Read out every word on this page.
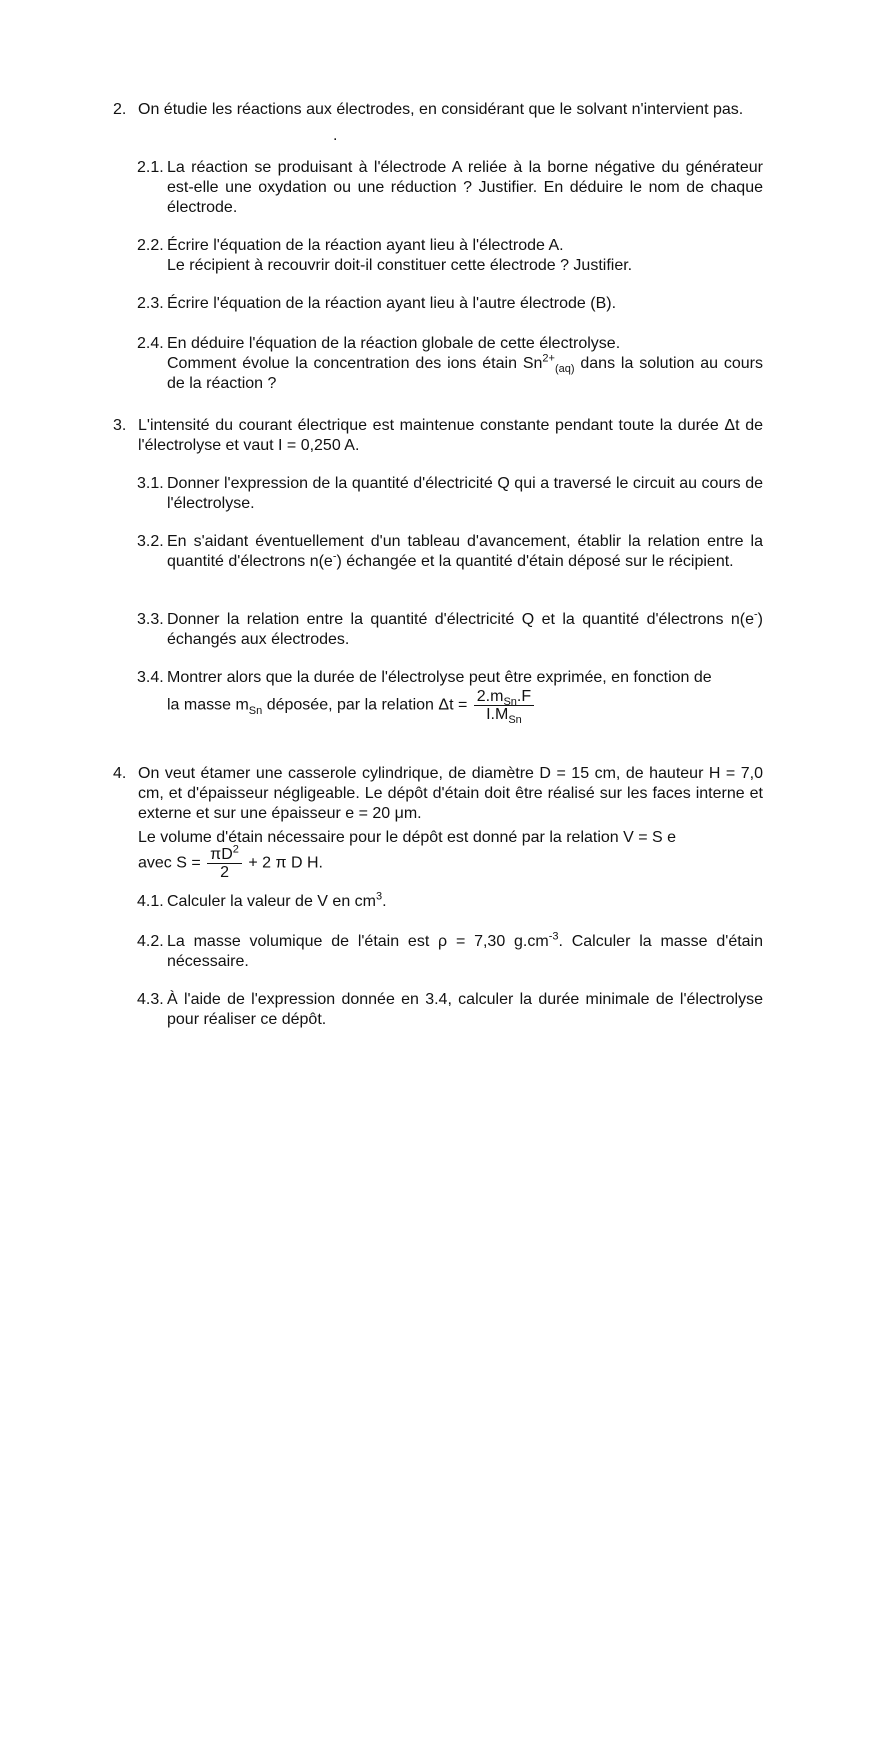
.
2. On étudie les réactions aux électrodes, en considérant que le solvant n'intervient pas.
2.1. La réaction se produisant à l'électrode A reliée à la borne négative du générateur est-elle une oxydation ou une réduction ? Justifier. En déduire le nom de chaque électrode.
2.2. Écrire l'équation de la réaction ayant lieu à l'électrode A.
Le récipient à recouvrir doit-il constituer cette électrode ? Justifier.
2.3. Écrire l'équation de la réaction ayant lieu à l'autre électrode (B).
2.4. En déduire l'équation de la réaction globale de cette électrolyse.
Comment évolue la concentration des ions étain $Sn^{2+}_{(aq)}$ dans la solution au cours de la réaction ?
3. L'intensité du courant électrique est maintenue constante pendant toute la durée Δt de l'électrolyse et vaut I = 0,250 A.
3.1. Donner l'expression de la quantité d'électricité Q qui a traversé le circuit au cours de l'électrolyse.
3.2. En s'aidant éventuellement d'un tableau d'avancement, établir la relation entre la quantité d'électrons n(e-) échangée et la quantité d'étain déposé sur le récipient.
3.3. Donner la relation entre la quantité d'électricité Q et la quantité d'électrons n(e-) échangés aux électrodes.
3.4. Montrer alors que la durée de l'électrolyse peut être exprimée, en fonction de
la masse $m_{Sn}$ déposée, par la relation $\Delta t = \frac{2.m_{Sn}.F}{I.M_{Sn}}$
4. On veut étamer une casserole cylindrique, de diamètre D = 15 cm, de hauteur H = 7,0 cm, et d'épaisseur négligeable. Le dépôt d'étain doit être réalisé sur les faces interne et externe et sur une épaisseur e = 20 μm.
Le volume d'étain nécessaire pour le dépôt est donné par la relation V = S e
avec $S = \frac{\pi D^2}{2} + 2$ π D H.
4.1. Calculer la valeur de V en $cm^3$.
4.2. La masse volumique de l'étain est ρ = 7,30 $g.cm^{-3}$. Calculer la masse d'étain nécessaire.
4.3. À l'aide de l'expression donnée en 3.4, calculer la durée minimale de l'électrolyse pour réaliser ce dépôt.
